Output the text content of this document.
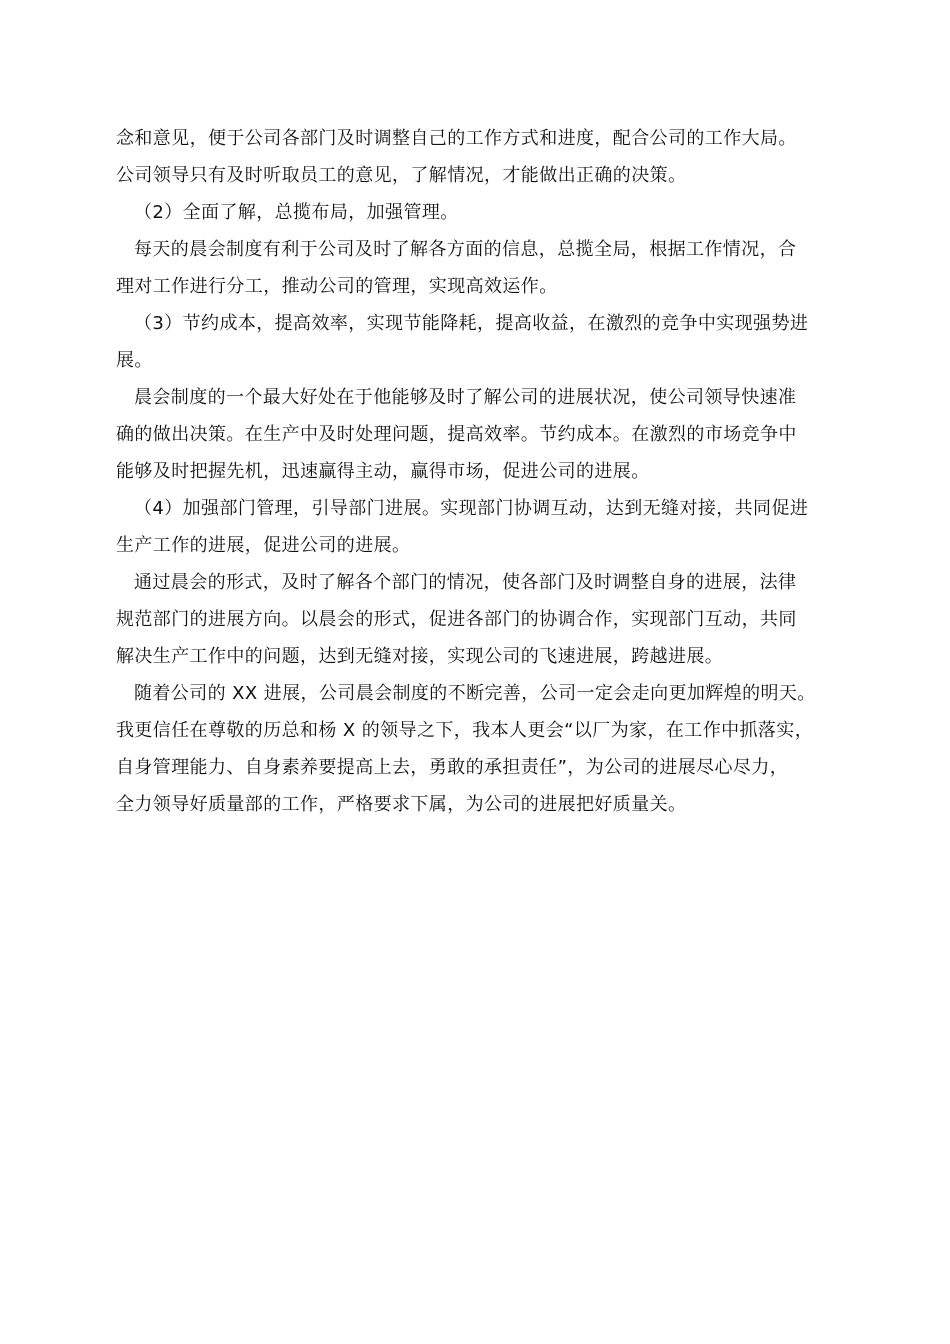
念和意见，便于公司各部门及时调整自己的工作方式和进度，配合公司的工作大局。
公司领导只有及时听取员工的意见，了解情况，才能做出正确的决策。

（2）全面了解，总揽布局，加强管理。

每天的晨会制度有利于公司及时了解各方面的信息，总揽全局，根据工作情况，合
理对工作进行分工，推动公司的管理，实现高效运作。

（3）节约成本，提高效率，实现节能降耗，提高收益，在激烈的竞争中实现强势进
展。

晨会制度的一个最大好处在于他能够及时了解公司的进展状况，使公司领导快速准
确的做出决策。在生产中及时处理问题，提高效率。节约成本。在激烈的市场竞争中
能够及时把握先机，迅速赢得主动，赢得市场，促进公司的进展。

（4）加强部门管理，引导部门进展。实现部门协调互动，达到无缝对接，共同促进
生产工作的进展，促进公司的进展。

通过晨会的形式，及时了解各个部门的情况，使各部门及时调整自身的进展，法律
规范部门的进展方向。以晨会的形式，促进各部门的协调合作，实现部门互动，共同
解决生产工作中的问题，达到无缝对接，实现公司的飞速进展，跨越进展。

随着公司的 XX 进展，公司晨会制度的不断完善，公司一定会走向更加辉煌的明天。
我更信任在尊敬的历总和杨 X 的领导之下，我本人更会“以厂为家，在工作中抓落实，
自身管理能力、自身素养要提高上去，勇敢的承担责任”，为公司的进展尽心尽力，
全力领导好质量部的工作，严格要求下属，为公司的进展把好质量关。
